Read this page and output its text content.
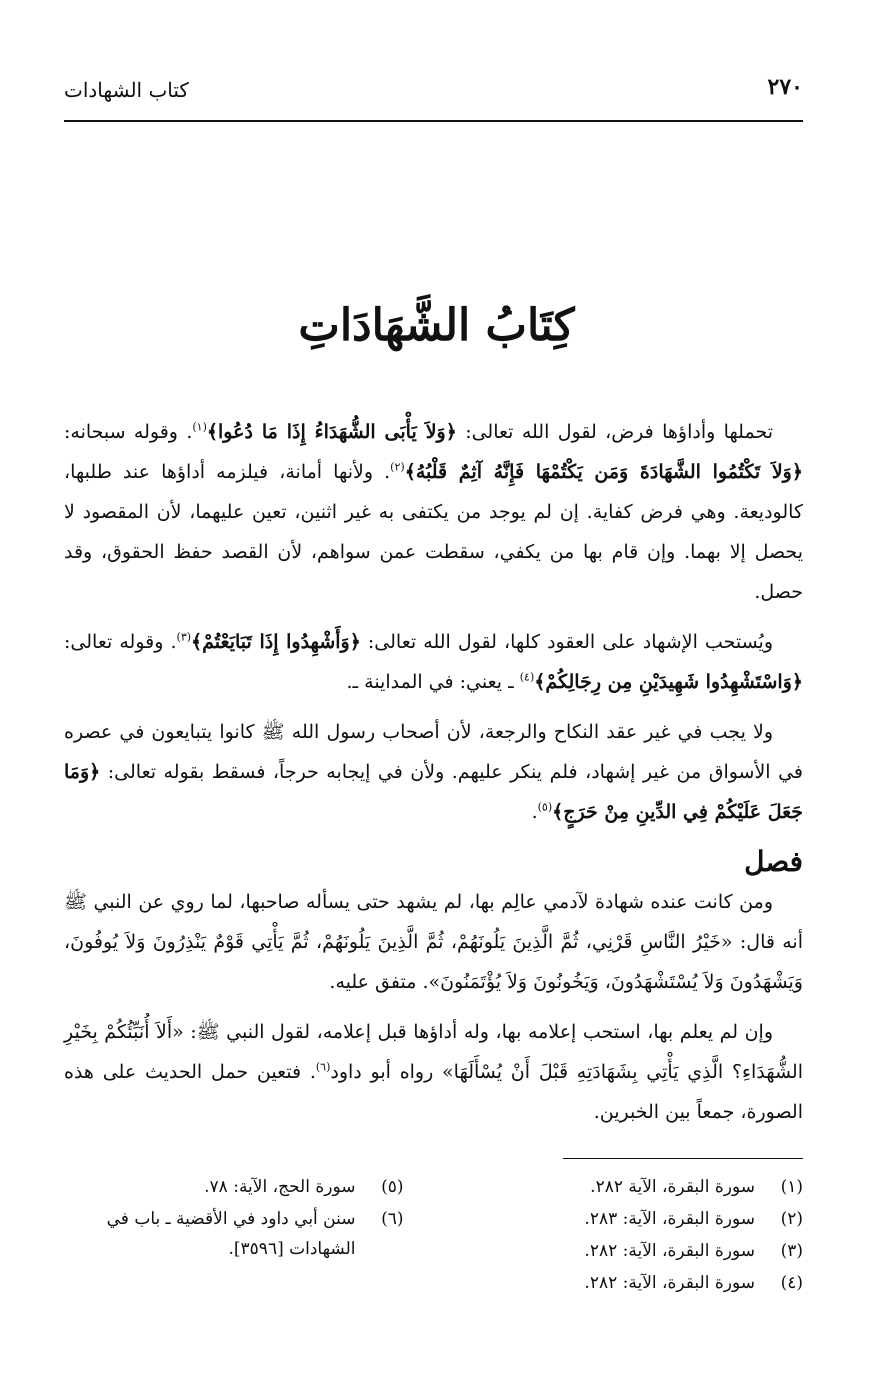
٢٧٠
كتاب الشهادات
كِتَابُ الشَّهَادَاتِ

تحملها وأداؤها فرض، لقول الله تعالى: ﴿وَلاَ يَأْبَى الشُّهَدَاءُ إِذَا مَا دُعُوا﴾$^{(١)}$. وقوله سبحانه: ﴿وَلاَ تَكْتُمُوا الشَّهَادَةَ وَمَن يَكْتُمْهَا فَإِنَّهُ آثِمٌ قَلْبُهُ﴾$^{(٢)}$. ولأنها أمانة، فيلزمه أداؤها عند طلبها، كالوديعة. وهي فرض كفاية. إن لم يوجد من يكتفى به غير اثنين، تعين عليهما، لأن المقصود لا يحصل إلا بهما. وإن قام بها من يكفي، سقطت عمن سواهم، لأن القصد حفظ الحقوق، وقد حصل.

ويُستحب الإشهاد على العقود كلها، لقول الله تعالى: ﴿وَأَشْهِدُوا إِذَا تَبَايَعْتُمْ﴾$^{(٣)}$. وقوله تعالى: ﴿وَاسْتَشْهِدُوا شَهِيدَيْنِ مِن رِجَالِكُمْ﴾$^{(٤)}$ ـ يعني: في المداينة ـ.

ولا يجب في غير عقد النكاح والرجعة، لأن أصحاب رسول الله ﷺ كانوا يتبايعون في عصره في الأسواق من غير إشهاد، فلم ينكر عليهم. ولأن في إيجابه حرجاً، فسقط بقوله تعالى: ﴿وَمَا جَعَلَ عَلَيْكُمْ فِي الدِّينِ مِنْ حَرَجٍ﴾$^{(٥)}$.

فصل

ومن كانت عنده شهادة لآدمي عالِم بها، لم يشهد حتى يسأله صاحبها، لما روي عن النبي ﷺ أنه قال: «خَيْرُ النَّاسِ قَرْنِي، ثُمَّ الَّذِينَ يَلُونَهُمْ، ثُمَّ الَّذِينَ يَلُونَهُمْ، ثُمَّ يَأْتِي قَوْمٌ يَنْذِرُونَ وَلاَ يُوفُونَ، وَيَشْهَدُونَ وَلاَ يُسْتَشْهَدُونَ، وَيَخُونُونَ وَلاَ يُؤْتَمَنُونَ». متفق عليه.

وإن لم يعلم بها، استحب إعلامه بها، وله أداؤها قبل إعلامه، لقول النبي ﷺ: «أَلاَ أُنَبِّئُكُمْ بِخَيْرِ الشُّهَدَاءِ؟ الَّذِي يَأْتِي بِشَهَادَتِهِ قَبْلَ أَنْ يُسْأَلَهَا» رواه أبو داود$^{(٦)}$. فتعين حمل الحديث على هذه الصورة، جمعاً بين الخبرين.

(١)
سورة البقرة، الآية ٢٨٢.
(٢)
سورة البقرة، الآية: ٢٨٣.
(٣)
سورة البقرة، الآية: ٢٨٢.
(٤)
سورة البقرة، الآية: ٢٨٢.
(٥)
سورة الحج، الآية: ٧٨.
(٦)
سنن أبي داود في الأقضية ـ باب في الشهادات [٣٥٩٦].
